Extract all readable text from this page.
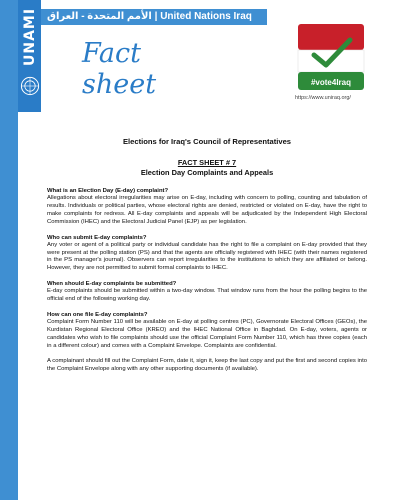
UNAMI الأمم المتحدة - العراق | United Nations Iraq
Fact
sheet	#vote4Iraq
https://www.uniraq.org/

Elections for Iraq's Council of Representatives

FACT SHEET # 7

Election Day Complaints and Appeals

What is an Election Day (E-day) complaint?

Allegations about electoral irregularities may arise on E-day, including with concern to polling, counting and tabulation of results. Individuals or political parties, whose electoral rights are denied, restricted or violated on E-day, have the right to make complaints for redress. All E-day complaints and appeals will be adjudicated by the Independent High Electoral Commission (IHEC) and the Electoral Judicial Panel (EJP) as per legislation.

Who can submit E-day complaints?

Any voter or agent of a political party or individual candidate has the right to file a complaint on E-day provided that they were present at the polling station (PS) and that the agents are officially registered with IHEC (with their names registered in the PS manager's journal). Observers can report irregularities to the institutions to which they are affiliated or belong. However, they are not permitted to submit formal complaints to IHEC.

When should E-day complaints be submitted?

E-day complaints should be submitted within a two-day window. That window runs from the hour the polling begins to the official end of the following working day.

How can one file E-day complaints?

Complaint Form Number 110 will be available on E-day at polling centres (PC), Governorate Electoral Offices (GEOs), the Kurdistan Regional Electoral Office (KREO) and the IHEC National Office in Baghdad. On E-day, voters, agents or candidates who wish to file complaints should use the official Complaint Form Number 110, which has three copies (each in a different colour) and comes with a Complaint Envelope. Complaints are confidential.

A complainant should fill out the Complaint Form, date it, sign it, keep the last copy and put the first and second copies into the Complaint Envelope along with any other supporting documents (if available).
